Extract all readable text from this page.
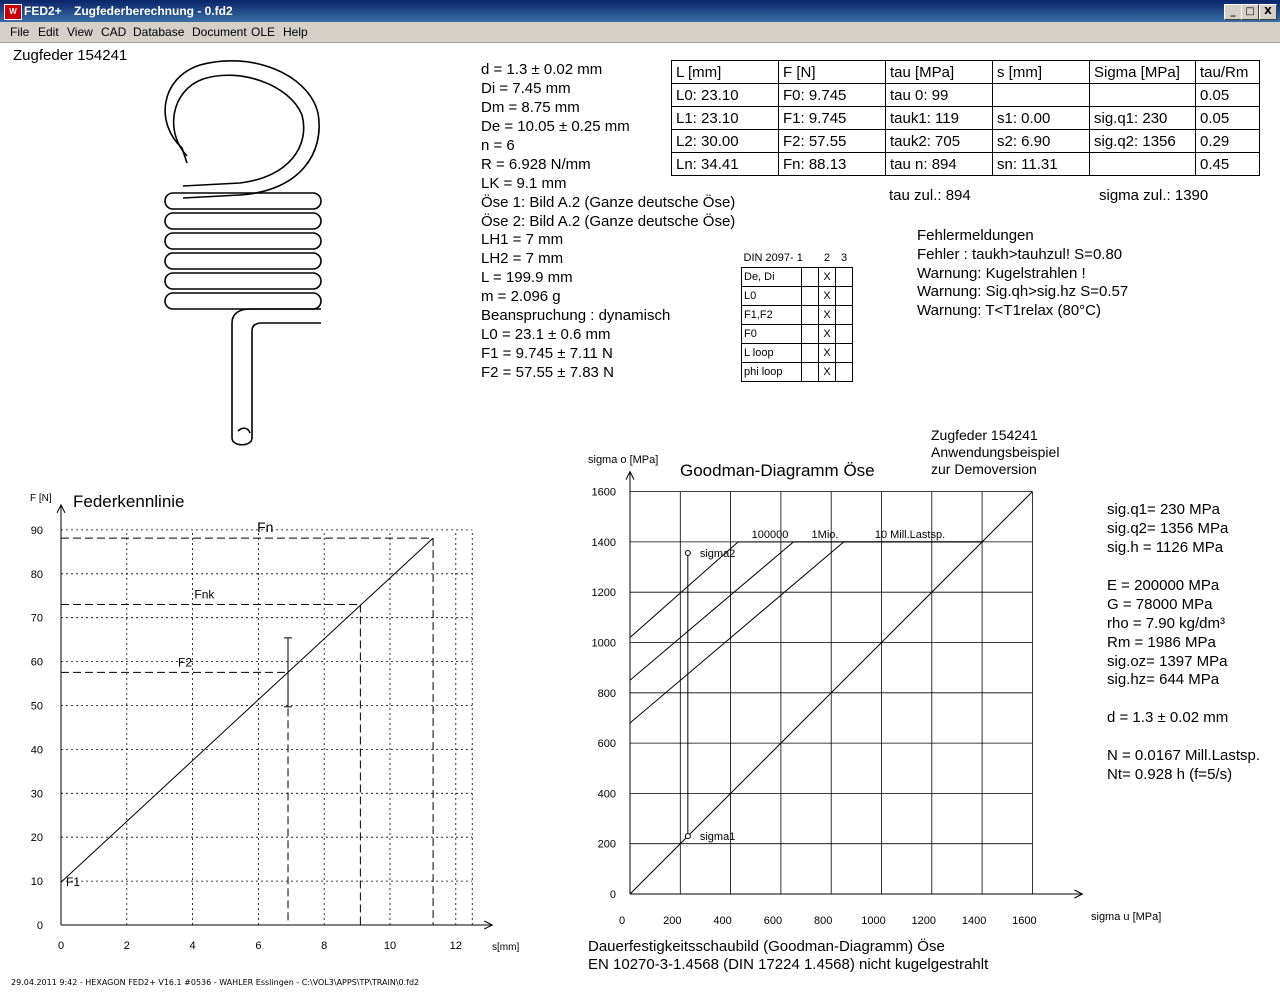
W FED2+ Zugfederberechnung - 0.fd2	_ □ X
File Edit View CAD Database Document OLE Help
Zugfeder 154241
d = 1.3 ± 0.02 mm
Di = 7.45 mm
Dm = 8.75 mm
De = 10.05 ± 0.25 mm
n = 6
R = 6.928 N/mm
LK = 9.1 mm
Öse 1: Bild A.2 (Ganze deutsche Öse)
Öse 2: Bild A.2 (Ganze deutsche Öse)
LH1 = 7 mm
LH2 = 7 mm
L = 199.9 mm
m = 2.096 g
Beanspruchung : dynamisch
L0 = 23.1 ± 0.6 mm
F1 = 9.745 ± 7.11 N
F2 = 57.55 ± 7.83 N
L [mm]	F [N]	tau [MPa]	s [mm]	Sigma [MPa]	tau/Rm
L0: 23.10	F0: 9.745	tau 0: 99			0.05
L1: 23.10	F1: 9.745	tauk1: 119	s1: 0.00	sig.q1: 230	0.05
L2: 30.00	F2: 57.55	tauk2: 705	s2: 6.90	sig.q2: 1356	0.29
Ln: 34.41	Fn: 88.13	tau n: 894	sn: 11.31		0.45
tau zul.: 894	sigma zul.: 1390
Fehlermeldungen
Fehler : taukh>tauhzul! S=0.80
Warnung: Kugelstrahlen !
Warnung: Sig.qh>sig.hz S=0.57
Warnung: T<T1relax (80°C)
DIN 2097- 1		2	3
De, Di		X	
L0		X	
F1,F2		X	
F0		X	
L loop		X	
phi loop		X	
0	2	4	6	8	10	12
0
10
20
30
40
50
60
70
80
90
F1
F2
Fnk
Fn
F [N] Federkennlinie
s[mm]
0	200	400	600	800	1000 1200 1400 1600
0
200
400
600
800
1000
1200
1400
1600
100000 1Mio.	10 Mill.Lastsp.
sigma1
sigma2
sigma o [MPa]
Goodman-Diagramm Öse
sigma u [MPa]
Zugfeder 154241
Anwendungsbeispiel
zur Demoversion
sig.q1= 230 MPa
sig.q2= 1356 MPa
sig.h = 1126 MPa
E = 200000 MPa
G = 78000 MPa
rho = 7.90 kg/dm³
Rm = 1986 MPa
sig.oz= 1397 MPa
sig.hz= 644 MPa
d = 1.3 ± 0.02 mm
N = 0.0167 Mill.Lastsp.
Nt= 0.928 h (f=5/s)
Dauerfestigkeitsschaubild (Goodman-Diagramm) Öse
EN 10270-3-1.4568 (DIN 17224 1.4568) nicht kugelgestrahlt
29.04.2011 9:42 - HEXAGON FED2+ V16.1 #0536 - WAHLER Esslingen - C:\VOL3\APPS\TP\TRAIN\0.fd2
